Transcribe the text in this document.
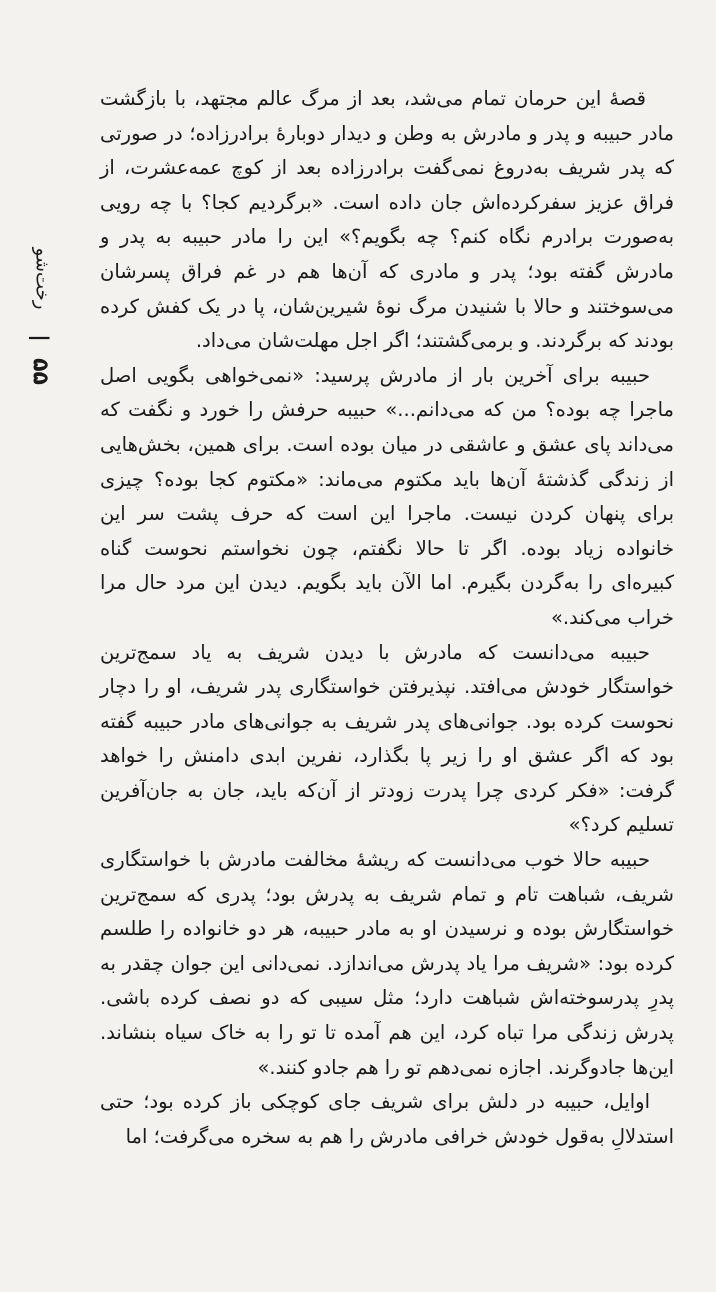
رخت‌شو
|
۵۵

قصهٔ این حرمان تمام می‌شد، بعد از مرگ عالم مجتهد، با بازگشت مادر حبیبه و پدر و مادرش به وطن و دیدار دوبارهٔ برادرزاده؛ در صورتی که پدر شریف به‌دروغ نمی‌گفت برادرزاده بعد از کوچ عمه‌عشرت، از فراق عزیز سفرکرده‌اش جان داده است. «برگردیم کجا؟ با چه رویی به‌صورت برادرم نگاه کنم؟ چه بگویم؟» این را مادر حبیبه به پدر و مادرش گفته بود؛ پدر و مادری که آن‌ها هم در غم فراق پسرشان می‌سوختند و حالا با شنیدن مرگ نوهٔ شیرین‌شان، پا در یک کفش کرده بودند که برگردند. و برمی‌گشتند؛ اگر اجل مهلت‌شان می‌داد.

حبیبه برای آخرین بار از مادرش پرسید: «نمی‌خواهی بگویی اصل ماجرا چه بوده؟ من که می‌دانم...» حبیبه حرفش را خورد و نگفت که می‌داند پای عشق و عاشقی در میان بوده است. برای همین، بخش‌هایی از زندگی گذشتهٔ آن‌ها باید مکتوم می‌ماند: «مکتوم کجا بوده؟ چیزی برای پنهان کردن نیست. ماجرا این است که حرف پشت سر این خانواده زیاد بوده. اگر تا حالا نگفتم، چون نخواستم نحوست گناه کبیره‌ای را به‌گردن بگیرم. اما الآن باید بگویم. دیدن این مرد حال مرا خراب می‌کند.»

حبیبه می‌دانست که مادرش با دیدن شریف به یاد سمج‌ترین خواستگار خودش می‌افتد. نپذیرفتن خواستگاری پدر شریف، او را دچار نحوست کرده بود. جوانی‌های پدر شریف به جوانی‌های مادر حبیبه گفته بود که اگر عشق او را زیر پا بگذارد، نفرین ابدی دامنش را خواهد گرفت: «فکر کردی چرا پدرت زودتر از آن‌که باید، جان به جان‌آفرین تسلیم کرد؟»

حبیبه حالا خوب می‌دانست که ریشهٔ مخالفت مادرش با خواستگاری شریف، شباهت تام و تمام شریف به پدرش بود؛ پدری که سمج‌ترین خواستگارش بوده و نرسیدن او به مادر حبیبه، هر دو خانواده را طلسم کرده بود: «شریف مرا یاد پدرش می‌اندازد. نمی‌دانی این جوان چقدر به پدرِ پدرسوخته‌اش شباهت دارد؛ مثل سیبی که دو نصف کرده باشی. پدرش زندگی مرا تباه کرد، این هم آمده تا تو را به خاک سیاه بنشاند. این‌ها جادوگرند. اجازه نمی‌دهم تو را هم جادو کنند.»

اوایل، حبیبه در دلش برای شریف جای کوچکی باز کرده بود؛ حتی استدلالِ به‌قول خودش خرافی مادرش را هم به سخره می‌گرفت؛ اما
